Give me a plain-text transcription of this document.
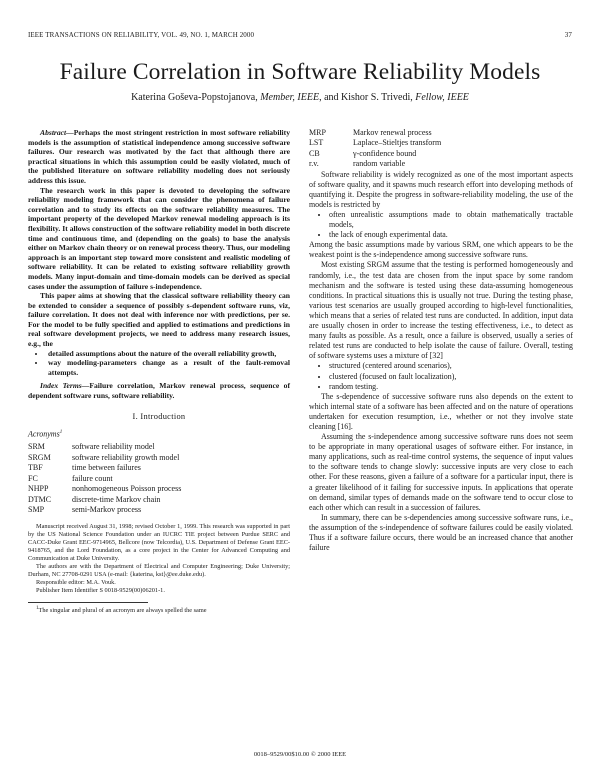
IEEE TRANSACTIONS ON RELIABILITY, VOL. 49, NO. 1, MARCH 2000	37
Failure Correlation in Software Reliability Models
Katerina Goševa-Popstojanova, Member, IEEE, and Kishor S. Trivedi, Fellow, IEEE

Abstract—Perhaps the most stringent restriction in most software reliability models is the assumption of statistical independence among successive software failures. Our research was motivated by the fact that although there are practical situations in which this assumption could be easily violated, much of the published literature on software reliability modeling does not seriously address this issue.

The research work in this paper is devoted to developing the software reliability modeling framework that can consider the phenomena of failure correlation and to study its effects on the software reliability measures. The important property of the developed Markov renewal modeling approach is its flexibility. It allows construction of the software reliability model in both discrete time and continuous time, and (depending on the goals) to base the analysis either on Markov chain theory or on renewal process theory. Thus, our modeling approach is an important step toward more consistent and realistic modeling of software reliability. It can be related to existing software reliability growth models. Many input-domain and time-domain models can be derived as special cases under the assumption of failure s-independence.

This paper aims at showing that the classical software reliability theory can be extended to consider a sequence of possibly s-dependent software runs, viz, failure correlation. It does not deal with inference nor with predictions, per se. For the model to be fully specified and applied to estimations and predictions in real software development projects, we need to address many research issues, e.g., the

• detailed assumptions about the nature of the overall reliability growth,
• way modeling-parameters change as a result of the fault-removal attempts.
Index Terms—Failure correlation, Markov renewal process, sequence of dependent software runs, software reliability.
I. Introduction
Acronyms$^1$
SRM	software reliability model
SRGM	software reliability growth model
TBF	time between failures
FC	failure count
NHPP	nonhomogeneous Poisson process
DTMC	discrete-time Markov chain
SMP	semi-Markov process

Manuscript received August 31, 1998; revised October 1, 1999. This research was supported in part by the US National Science Foundation under an IUCRC TIE project between Purdue SERC and CACC-Duke Grant EEC-9714965, Bellcore (now Telcordia), U.S. Department of Defense Grant EEC-9418765, and the Lord Foundation, as a core project in the Center for Advanced Computing and Communication at Duke University.

The authors are with the Department of Electrical and Computer Engineering; Duke University; Durham, NC 27708-0291 USA (e-mail: {katerina, kst}@ee.duke.edu).

Responsible editor: M.A. Vouk.

Publisher Item Identifier S 0018-9529(00)06201-1.

$^1$The singular and plural of an acronym are always spelled the same

MRP	Markov renewal process
LST	Laplace–Stieltjes transform
CB	γ-confidence bound
r.v.	random variable

Software reliability is widely recognized as one of the most important aspects of software quality, and it spawns much research effort into developing methods of quantifying it. Despite the progress in software-reliability modeling, the use of the models is restricted by

• often unrealistic assumptions made to obtain mathematically tractable models,
• the lack of enough experimental data.

Among the basic assumptions made by various SRM, one which appears to be the weakest point is the s-independence among successive software runs.

Most existing SRGM assume that the testing is performed homogeneously and randomly, i.e., the test data are chosen from the input space by some random mechanism and the software is tested using these data-assuming homogeneous conditions. In practical situations this is usually not true. During the testing phase, various test scenarios are usually grouped according to high-level functionalities, which means that a series of related test runs are conducted. In addition, input data are usually chosen in order to increase the testing effectiveness, i.e., to detect as many faults as possible. As a result, once a failure is observed, usually a series of related test runs are conducted to help isolate the cause of failure. Overall, testing of software systems uses a mixture of [32]

• structured (centered around scenarios),
• clustered (focused on fault localization),
• random testing.

The s-dependence of successive software runs also depends on the extent to which internal state of a software has been affected and on the nature of operations undertaken for execution resumption, i.e., whether or not they involve state cleaning [16].

Assuming the s-independence among successive software runs does not seem to be appropriate in many operational usages of software either. For instance, in many applications, such as real-time control systems, the sequence of input values to the software tends to change slowly: successive inputs are very close to each other. For these reasons, given a failure of a software for a particular input, there is a greater likelihood of it failing for successive inputs. In applications that operate on demand, similar types of demands made on the software tend to occur close to each other which can result in a succession of failures.

In summary, there can be s-dependencies among successive software runs, i.e., the assumption of the s-independence of software failures could be easily violated. Thus if a software failure occurs, there would be an increased chance that another failure

0018–9529/00$10.00 © 2000 IEEE
